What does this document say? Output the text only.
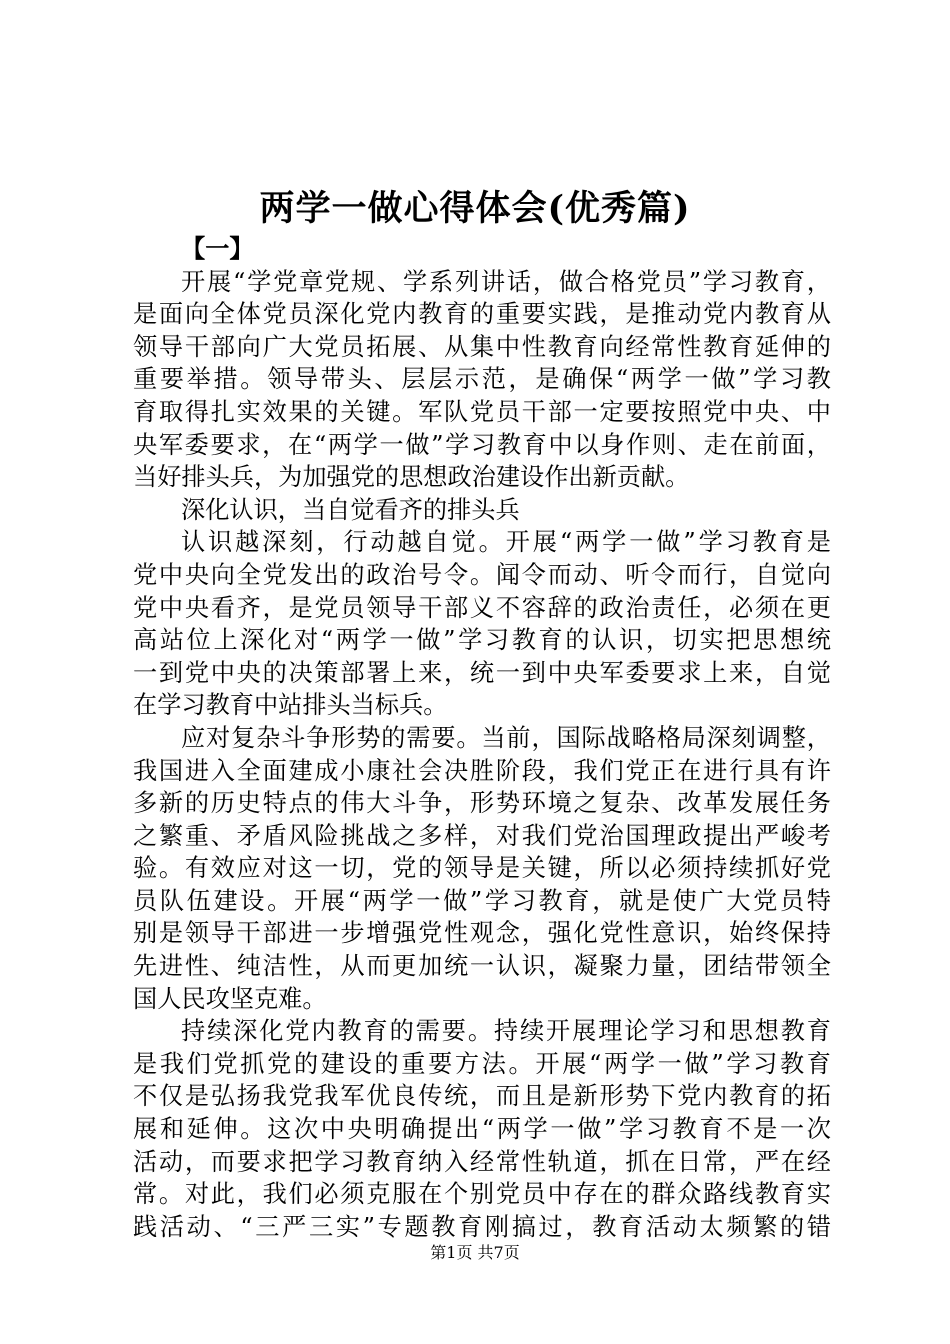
两学一做心得体会(优秀篇)
【一】
开展“学党章党规、学系列讲话，做合格党员”学习教育，
是面向全体党员深化党内教育的重要实践，是推动党内教育从
领导干部向广大党员拓展、从集中性教育向经常性教育延伸的
重要举措。领导带头、层层示范，是确保“两学一做”学习教
育取得扎实效果的关键。军队党员干部一定要按照党中央、中
央军委要求，在“两学一做”学习教育中以身作则、走在前面，
当好排头兵，为加强党的思想政治建设作出新贡献。
深化认识，当自觉看齐的排头兵
认识越深刻，行动越自觉。开展“两学一做”学习教育是
党中央向全党发出的政治号令。闻令而动、听令而行，自觉向
党中央看齐，是党员领导干部义不容辞的政治责任，必须在更
高站位上深化对“两学一做”学习教育的认识，切实把思想统
一到党中央的决策部署上来，统一到中央军委要求上来，自觉
在学习教育中站排头当标兵。
应对复杂斗争形势的需要。当前，国际战略格局深刻调整，
我国进入全面建成小康社会决胜阶段，我们党正在进行具有许
多新的历史特点的伟大斗争，形势环境之复杂、改革发展任务
之繁重、矛盾风险挑战之多样，对我们党治国理政提出严峻考
验。有效应对这一切，党的领导是关键，所以必须持续抓好党
员队伍建设。开展“两学一做”学习教育，就是使广大党员特
别是领导干部进一步增强党性观念，强化党性意识，始终保持
先进性、纯洁性，从而更加统一认识，凝聚力量，团结带领全
国人民攻坚克难。
持续深化党内教育的需要。持续开展理论学习和思想教育
是我们党抓党的建设的重要方法。开展“两学一做”学习教育
不仅是弘扬我党我军优良传统，而且是新形势下党内教育的拓
展和延伸。这次中央明确提出“两学一做”学习教育不是一次
活动，而要求把学习教育纳入经常性轨道，抓在日常，严在经
常。对此，我们必须克服在个别党员中存在的群众路线教育实
践活动、“三严三实”专题教育刚搞过，教育活动太频繁的错
第1页 共7页
